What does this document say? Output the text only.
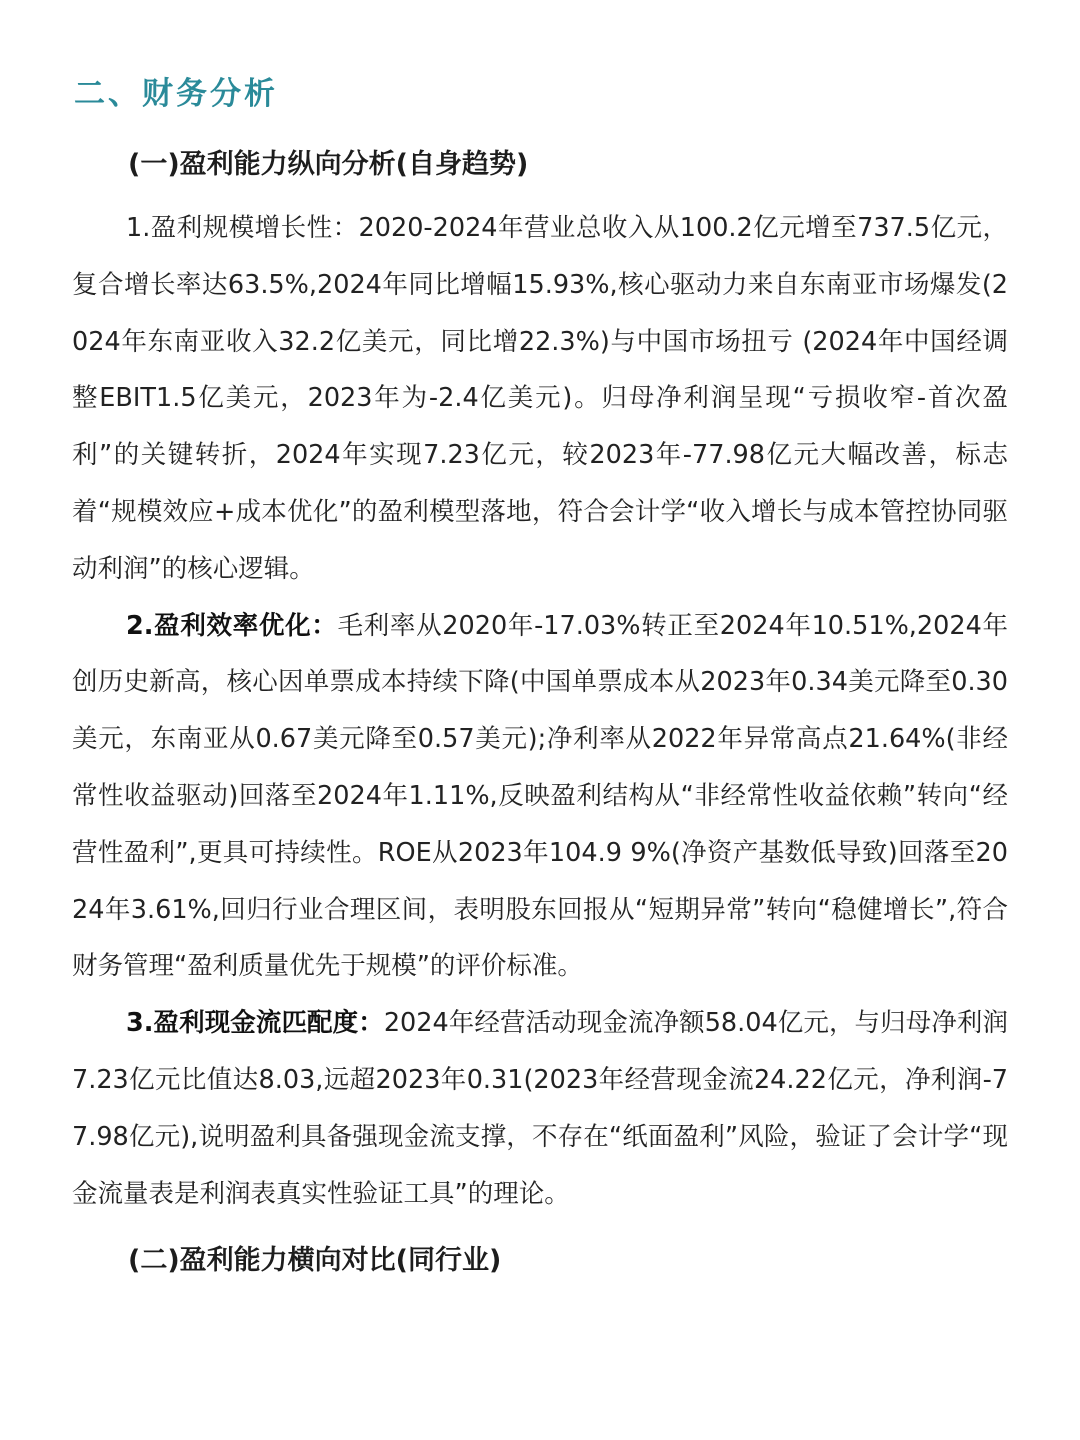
二、财务分析
(一)盈利能力纵向分析(自身趋势)

1.盈利规模增长性：2020-2024年营业总收入从100.2亿元增至737.5亿元，复合增长率达63.5%,2024年同比增幅15.93%,核心驱动力来自东南亚市场爆发(2024年东南亚收入32.2亿美元，同比增22.3%)与中国市场扭亏 (2024年中国经调整EBIT1.5亿美元，2023年为-2.4亿美元)。归母净利润呈现“亏损收窄-首次盈利”的关键转折，2024年实现7.23亿元，较2023年-77.98亿元大幅改善，标志着“规模效应+成本优化”的盈利模型落地，符合会计学“收入增长与成本管控协同驱动利润”的核心逻辑。

2.盈利效率优化：毛利率从2020年-17.03%转正至2024年10.51%,2024年创历史新高，核心因单票成本持续下降(中国单票成本从2023年0.34美元降至0.30美元，东南亚从0.67美元降至0.57美元);净利率从2022年异常高点21.64%(非经常性收益驱动)回落至2024年1.11%,反映盈利结构从“非经常性收益依赖”转向“经营性盈利”,更具可持续性。ROE从2023年104.9 9%(净资产基数低导致)回落至2024年3.61%,回归行业合理区间，表明股东回报从“短期异常”转向“稳健增长”,符合财务管理“盈利质量优先于规模”的评价标准。

3.盈利现金流匹配度：2024年经营活动现金流净额58.04亿元，与归母净利润7.23亿元比值达8.03,远超2023年0.31(2023年经营现金流24.22亿元，净利润-77.98亿元),说明盈利具备强现金流支撑，不存在“纸面盈利”风险，验证了会计学“现金流量表是利润表真实性验证工具”的理论。

(二)盈利能力横向对比(同行业)
